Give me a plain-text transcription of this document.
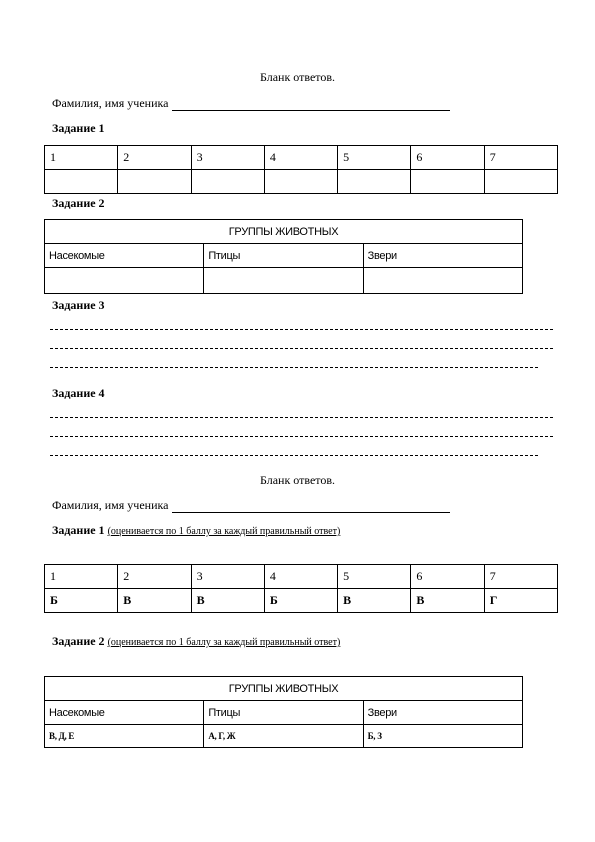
Бланк ответов.
Фамилия, имя ученика
Задание 1
1	2	3	4	5	6	7

Задание 2
ГРУППЫ ЖИВОТНЫХ		
Насекомые	Птицы	Звери

Задание 3
Задание 4
Бланк ответов.
Фамилия, имя ученика
Задание 1 (оценивается по 1 баллу за каждый правильный ответ)
1	2	3	4	5	6	7
Б	В	В	Б	В	В	Г
Задание 2 (оценивается по 1 баллу за каждый правильный ответ)
ГРУППЫ ЖИВОТНЫХ		
Насекомые	Птицы	Звери
В, Д, Е	А, Г, Ж	Б, З
